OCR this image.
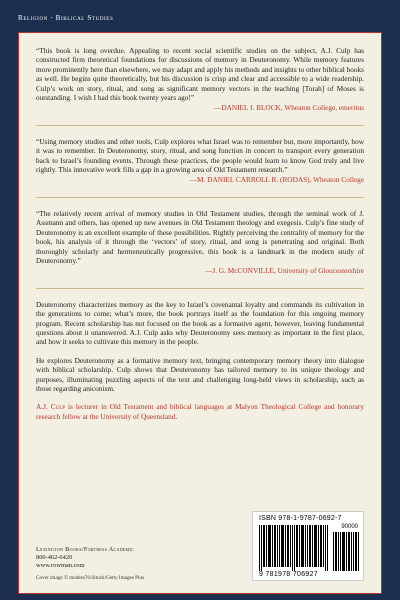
Religion · Biblical Studies

“This book is long overdue. Appealing to recent social scientific studies on the subject, A.J. Culp has constructed firm theoretical foundations for discussions of memory in Deuteronomy. While memory features more prominently here than elsewhere, we may adapt and apply his methods and insights to other biblical books as well. He begins quite theoretically, but his discussion is crisp and clear and accessible to a wide readership. Culp’s work on story, ritual, and song as significant memory vectors in the teaching [Torah] of Moses is outstanding. I wish I had this book twenty years ago!”

—DANIEL I. BLOCK, Wheaton College, emeritus

“Using memory studies and other tools, Culp explores what Israel was to remember but, more importantly, how it was to remember. In Deuteronomy, story, ritual, and song function in concert to transport every generation back to Israel’s founding events. Through these practices, the people would learn to know God truly and live rightly. This innovative work fills a gap in a growing area of Old Testament research.”

—M. DANIEL CARROLL R. (RODAS), Wheaton College

“The relatively recent arrival of memory studies in Old Testament studies, through the seminal work of J. Assmann and others, has opened up new avenues in Old Testament theology and exegesis. Culp’s fine study of Deuteronomy is an excellent example of these possibilities. Rightly perceiving the centrality of memory for the book, his analysis of it through the ‘vectors’ of story, ritual, and song is penetrating and original. Both thoroughly scholarly and hermeneutically progressive, this book is a landmark in the modern study of Deuteronomy.”

—J. G. McCONVILLE, University of Gloucestershire

Deuteronomy characterizes memory as the key to Israel’s covenantal loyalty and commands its cultivation in the generations to come; what’s more, the book portrays itself as the foundation for this ongoing memory program. Recent scholarship has not focused on the book as a formative agent, however, leaving fundamental questions about it unanswered. A.J. Culp asks why Deuteronomy sees memory as important in the first place, and how it seeks to cultivate this memory in the people.

He explores Deuteronomy as a formative memory text, bringing contemporary memory theory into dialogue with biblical scholarship. Culp shows that Deuteronomy has tailored memory to its unique theology and purposes, illuminating puzzling aspects of the text and challenging long-held views in scholarship, such as those regarding aniconism.

A.J. Culp is lecturer in Old Testament and biblical languages at Malyon Theological College and honorary research fellow at the University of Queensland.

Lexington Books/Fortress Academic
800-462-6420
www.rowman.com
Cover image © modera76/iStock/Getty Images Plus
ISBN 978-1-9787-0692-7
90000
9 781978 706927
